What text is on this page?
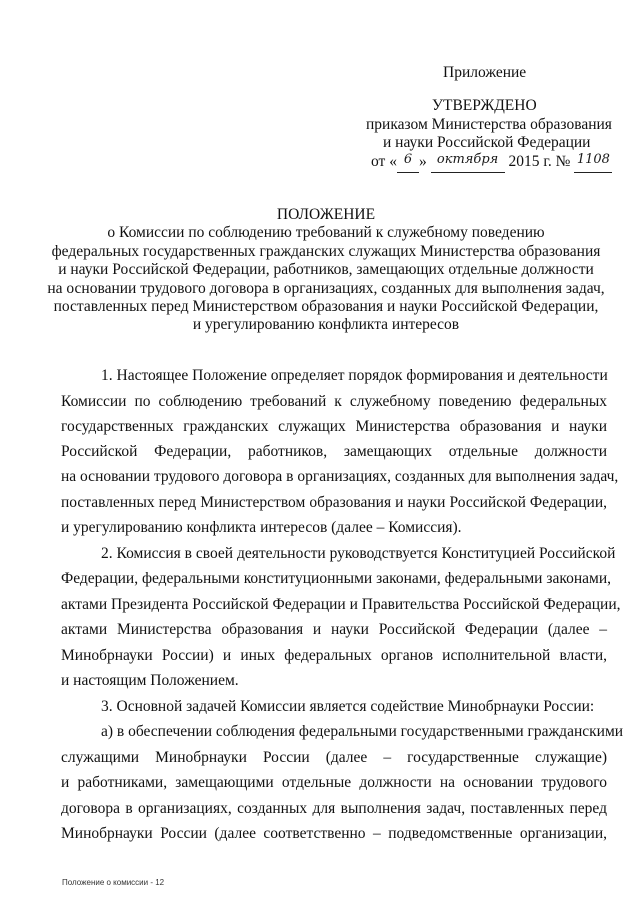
Приложение
УТВЕРЖДЕНО
приказом Министерства образования
и науки Российской Федерации
от « 6 » октября 2015 г. № 1108
ПОЛОЖЕНИЕ
о Комиссии по соблюдению требований к служебному поведению
федеральных государственных гражданских служащих Министерства образования
и науки Российской Федерации, работников, замещающих отдельные должности
на основании трудового договора в организациях, созданных для выполнения задач,
поставленных перед Министерством образования и науки Российской Федерации,
и урегулированию конфликта интересов
1. Настоящее Положение определяет порядок формирования и деятельности
Комиссии по соблюдению требований к служебному поведению федеральных
государственных гражданских служащих Министерства образования и науки
Российской Федерации, работников, замещающих отдельные должности
на основании трудового договора в организациях, созданных для выполнения задач,
поставленных перед Министерством образования и науки Российской Федерации,
и урегулированию конфликта интересов (далее – Комиссия).
2. Комиссия в своей деятельности руководствуется Конституцией Российской
Федерации, федеральными конституционными законами, федеральными законами,
актами Президента Российской Федерации и Правительства Российской Федерации,
актами Министерства образования и науки Российской Федерации (далее –
Минобрнауки России) и иных федеральных органов исполнительной власти,
и настоящим Положением.
3. Основной задачей Комиссии является содействие Минобрнауки России:
а) в обеспечении соблюдения федеральными государственными гражданскими
служащими Минобрнауки России (далее – государственные служащие)
и работниками, замещающими отдельные должности на основании трудового
договора в организациях, созданных для выполнения задач, поставленных перед
Минобрнауки России (далее соответственно – подведомственные организации,
Положение о комиссии - 12
